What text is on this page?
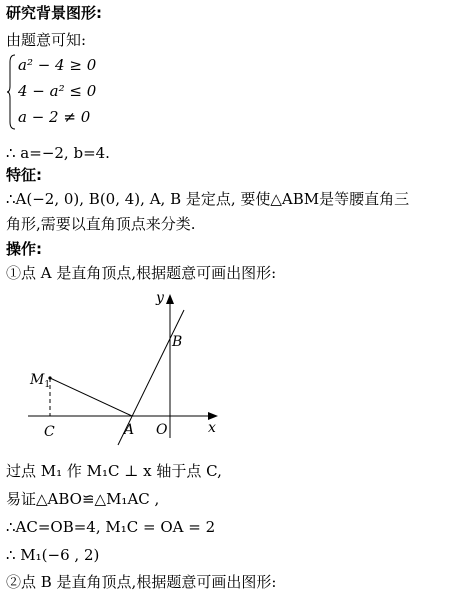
研究背景图形:
由题意可知:
a² − 4 ≥ 0
4 − a² ≤ 0
a − 2 ≠ 0
∴ a=−2, b=4.
特征:
∴A(−2, 0), B(0, 4), A, B 是定点, 要使△ABM是等腰直角三
角形,需要以直角顶点来分类.
操作:
①点 A 是直角顶点,根据题意可画出图形:
y
x
B
$M_1$
C	A O
过点 M₁ 作 M₁C ⊥ x 轴于点 C,
易证△ABO≌△M₁AC ,
∴AC=OB=4, M₁C = OA = 2
∴ M₁(−6 , 2)
②点 B 是直角顶点,根据题意可画出图形:
